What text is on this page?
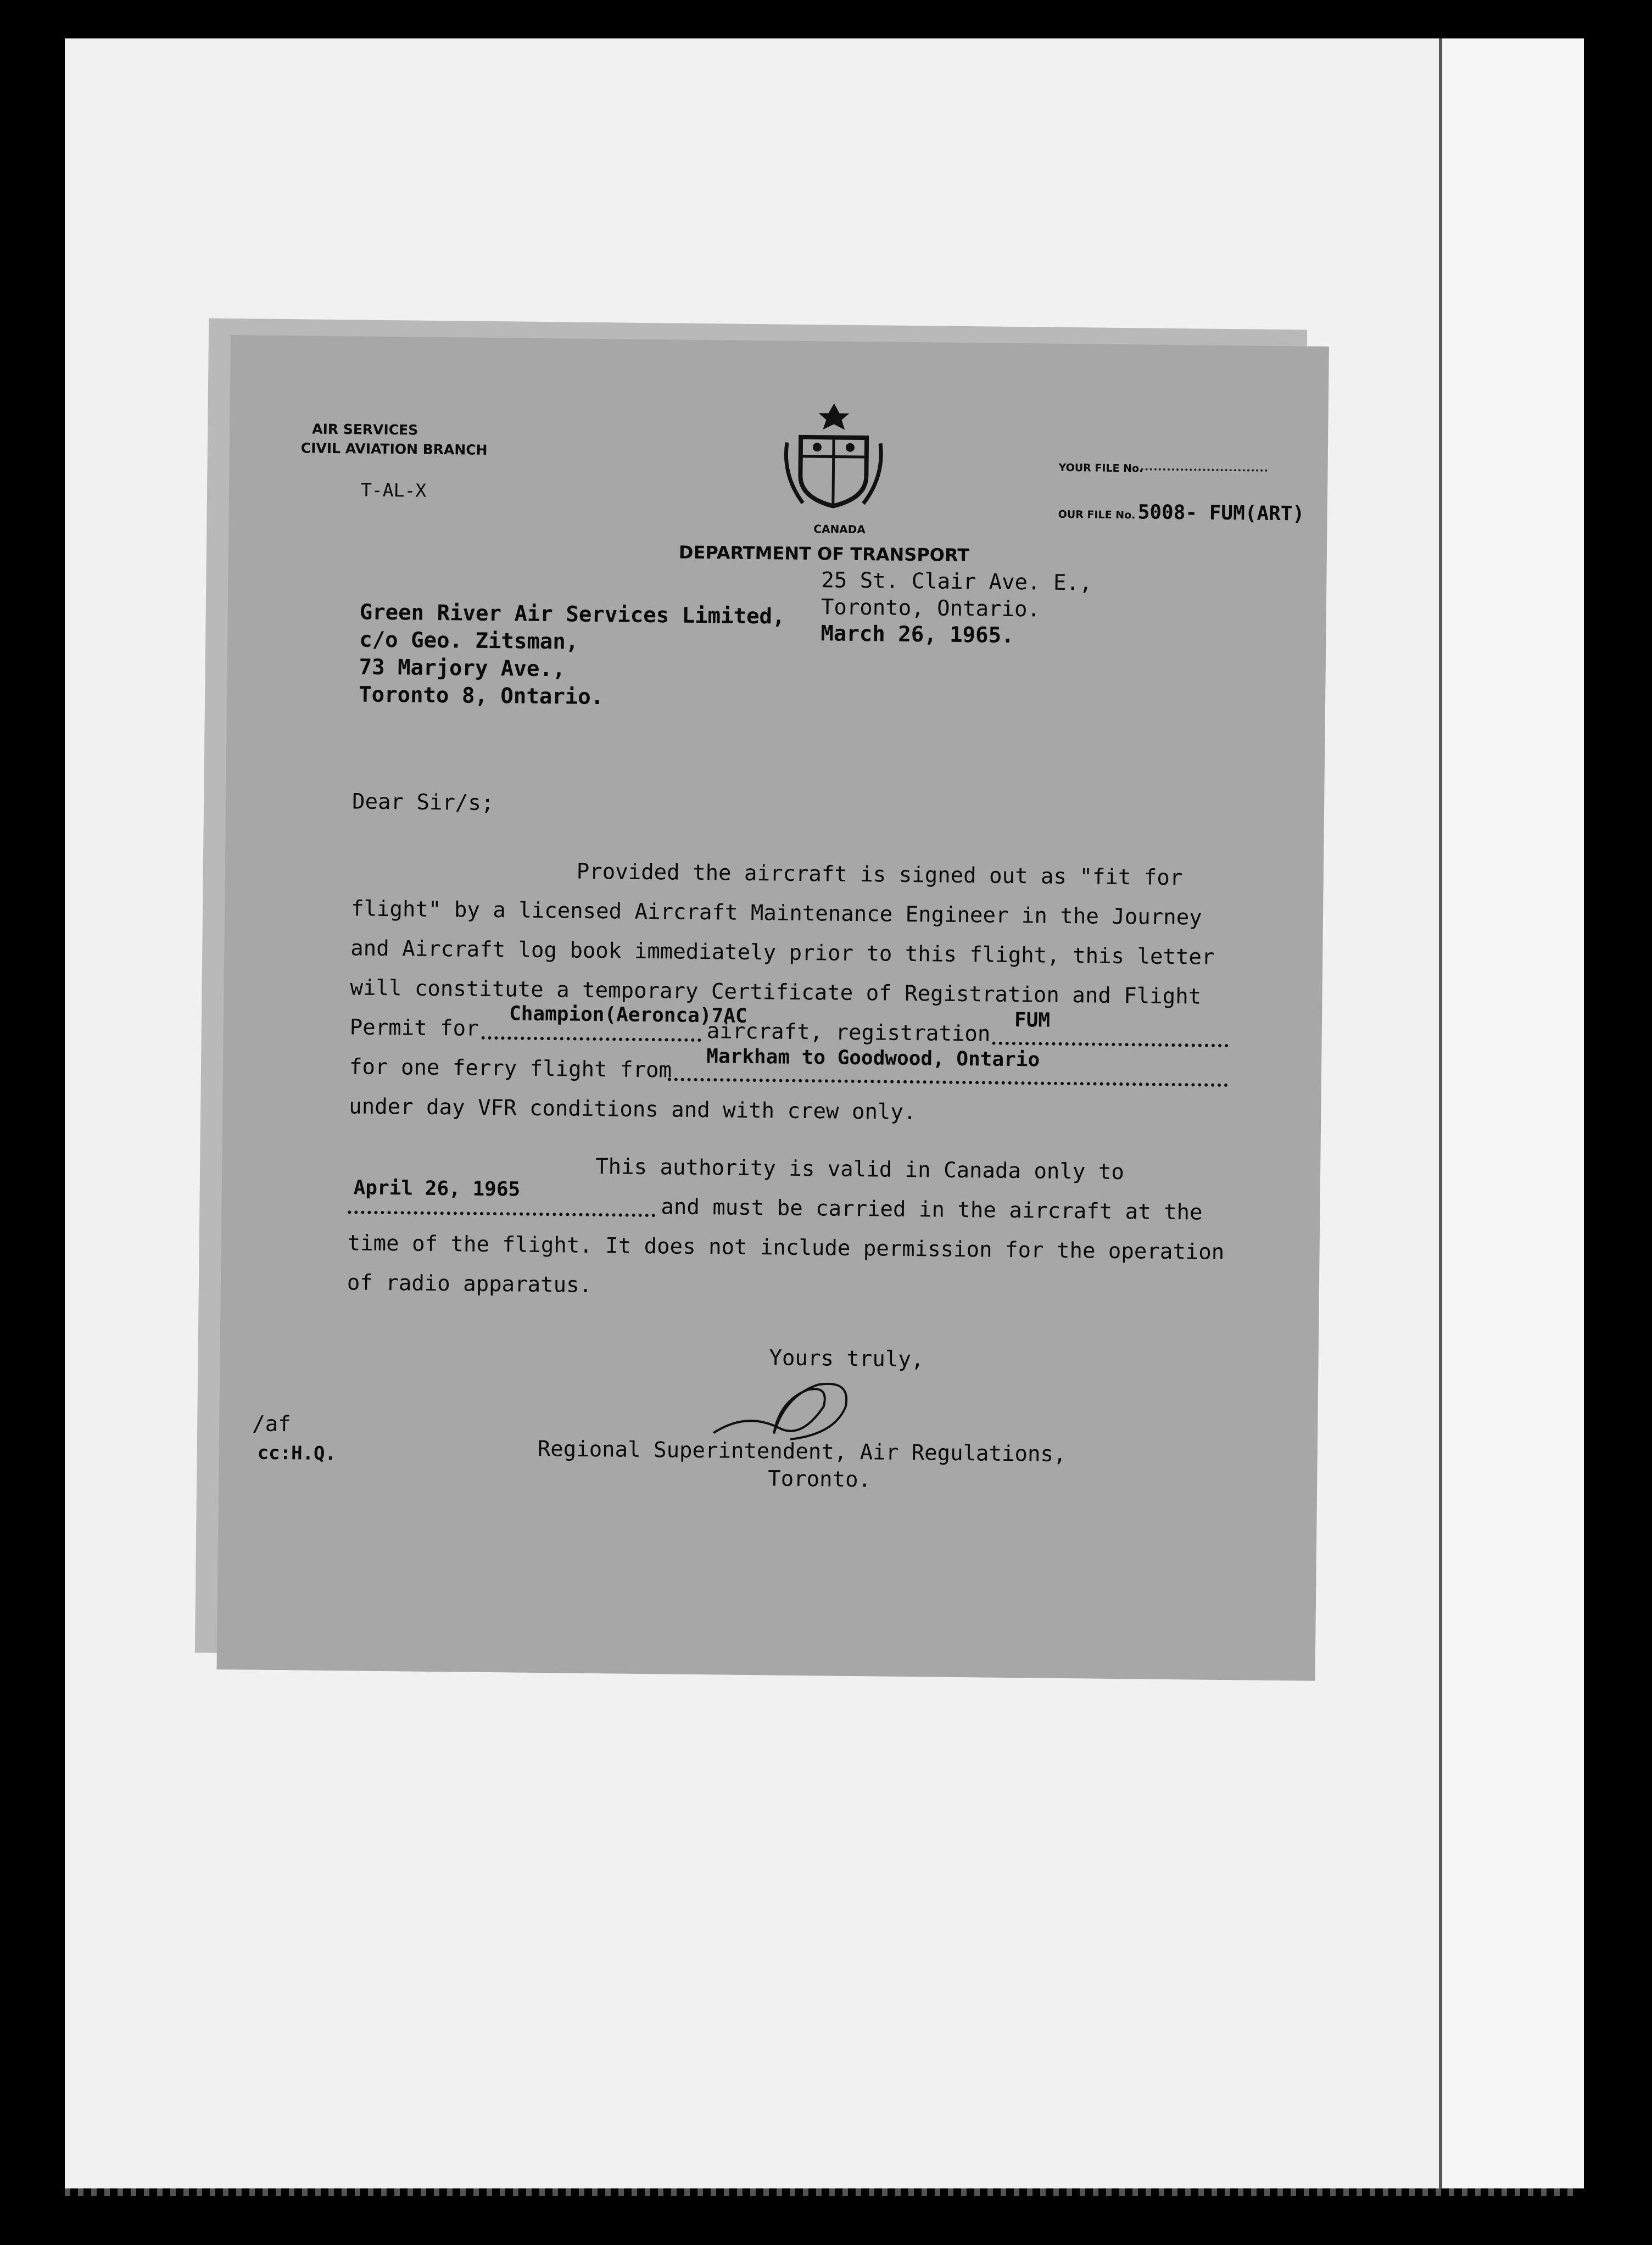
AIR SERVICES
CIVIL AVIATION BRANCH
T-AL-X
CANADA
DEPARTMENT OF TRANSPORT
YOUR FILE No.
OUR FILE No. 5008- FUM(ART)
25 St. Clair Ave. E.,
Toronto, Ontario.
March 26, 1965.
Green River Air Services Limited,
c/o Geo. Zitsman,
73 Marjory Ave.,
Toronto 8, Ontario.
Dear Sir/s;
Provided the aircraft is signed out as "fit for
flight" by a licensed Aircraft Maintenance Engineer in the Journey
and Aircraft log book immediately prior to this flight, this letter
will constitute a temporary Certificate of Registration and Flight
Permit for
Champion(Aeronca)7AC
aircraft, registration FUM
for one ferry flight from Markham to Goodwood, Ontario
under day VFR conditions and with crew only.
This authority is valid in Canada only to
April 26, 1965
and must be carried in the aircraft at the
time of the flight. It does not include permission for the operation
of radio apparatus.
Yours truly,
Regional Superintendent, Air Regulations,
Toronto.
/af
cc:H.Q.
